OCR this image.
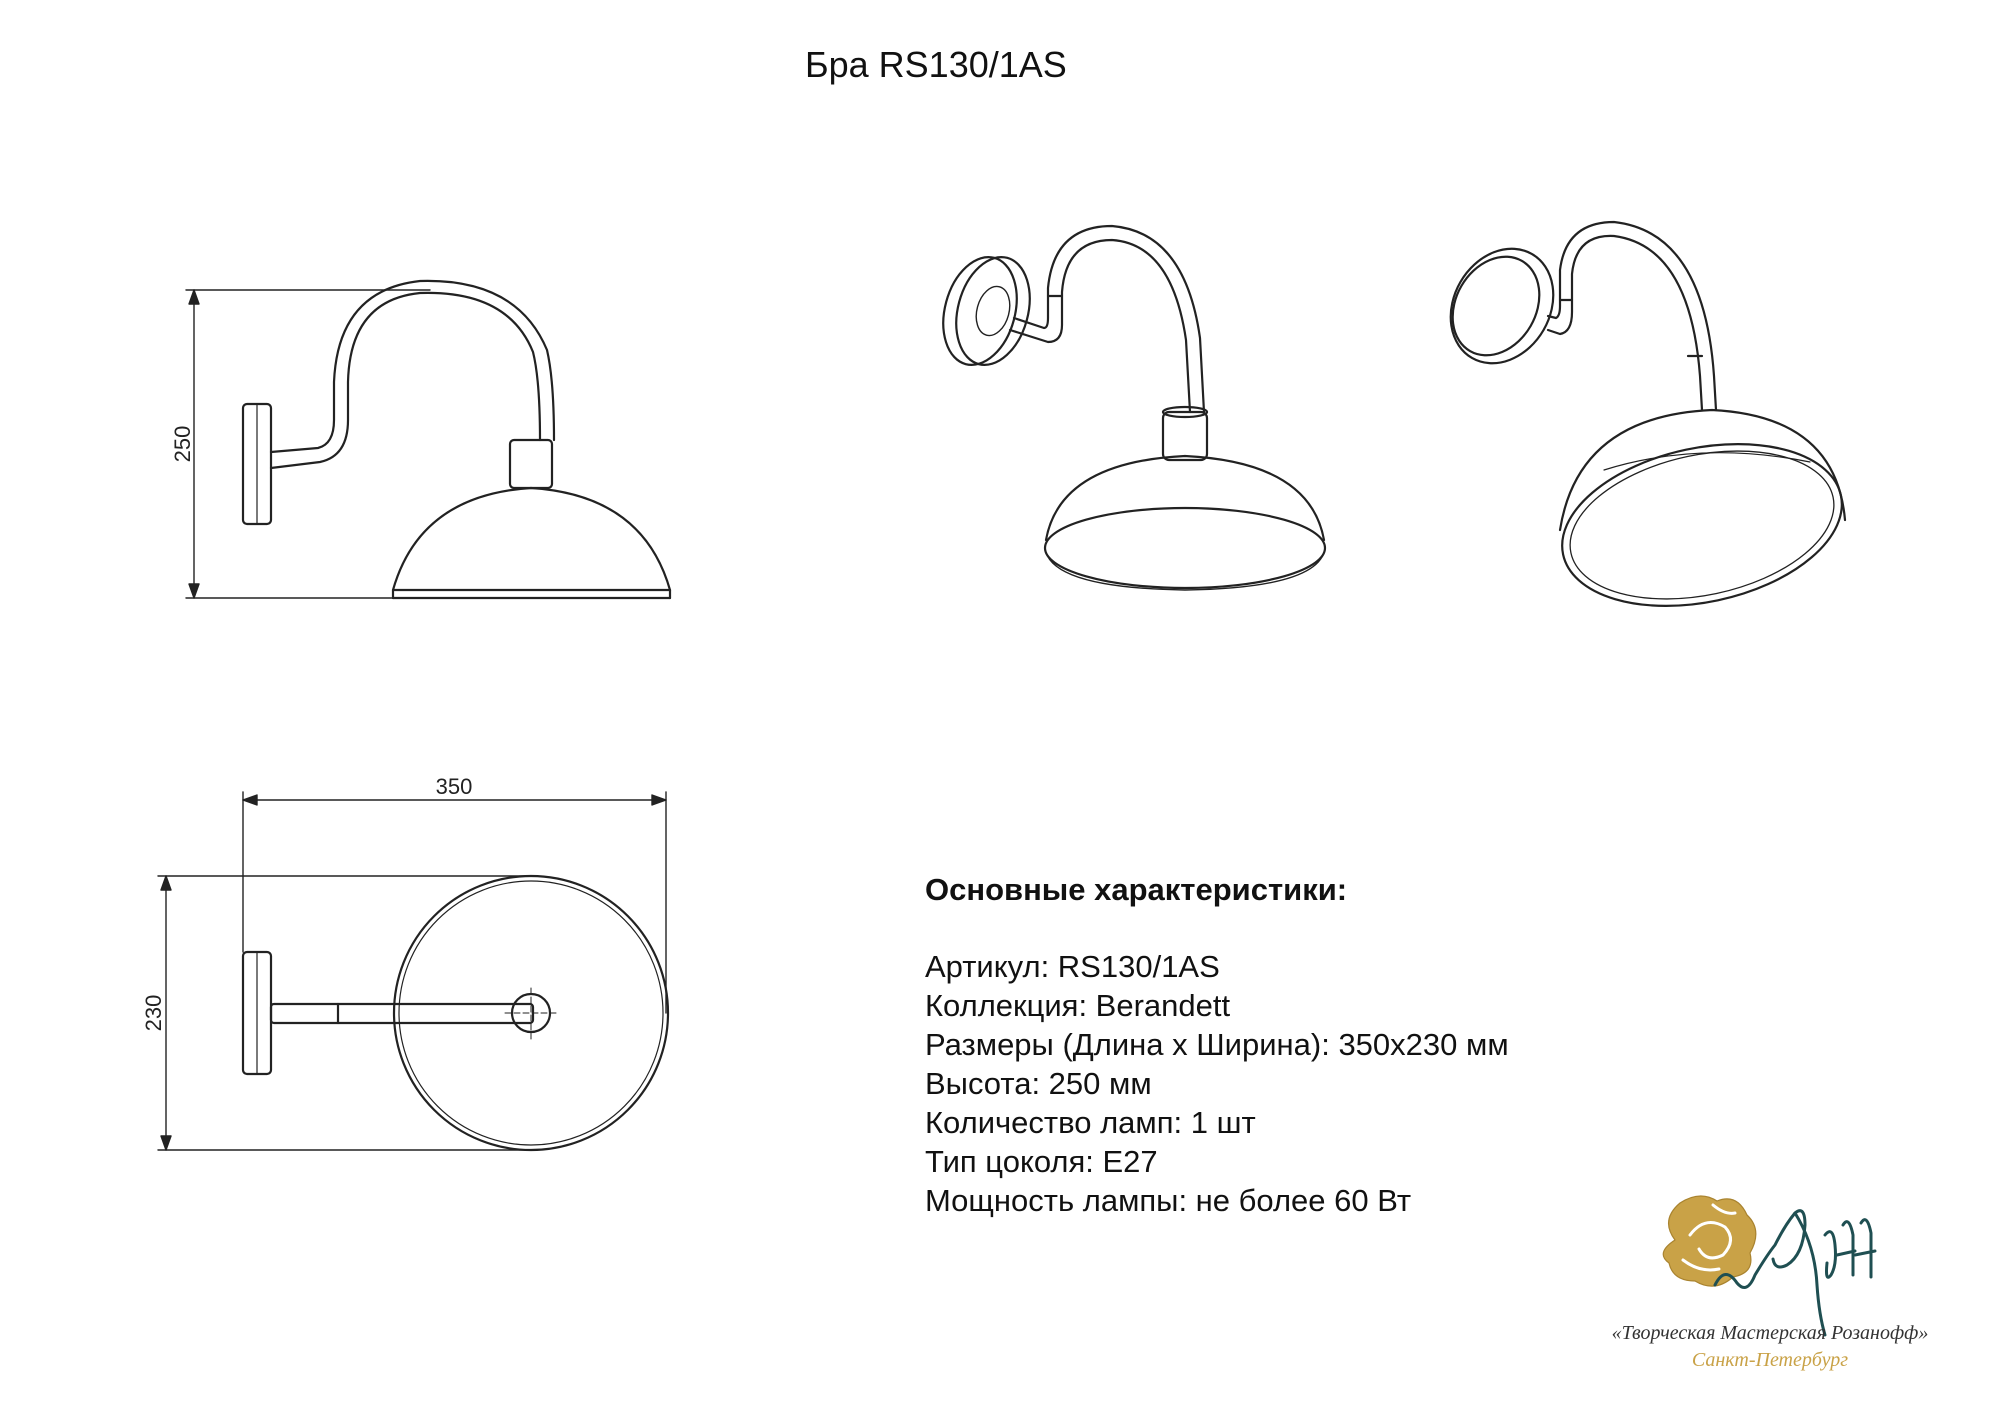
Бра RS130/1AS
250
350
230
Основные характеристики:
Артикул: RS130/1AS
Коллекция: Berandett
Размеры (Длина x Ширина): 350x230 мм
Высота: 250 мм
Количество ламп: 1 шт
Тип цоколя: E27
Мощность лампы: не более 60 Вт
«Творческая Мастерская Розанофф»
Санкт-Петербург
